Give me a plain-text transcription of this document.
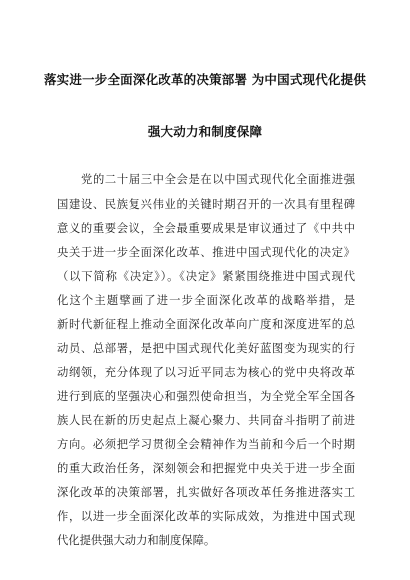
落实进一步全面深化改革的决策部署 为中国式现代化提供
强大动力和制度保障
党的二十届三中全会是在以中国式现代化全面推进强
国建设、民族复兴伟业的关键时期召开的一次具有里程碑
意义的重要会议，全会最重要成果是审议通过了《中共中
央关于进一步全面深化改革、推进中国式现代化的决定》
（以下简称《决定》）。《决定》紧紧围绕推进中国式现代
化这个主题擘画了进一步全面深化改革的战略举措，是
新时代新征程上推动全面深化改革向广度和深度进军的总
动员、总部署，是把中国式现代化美好蓝图变为现实的行
动纲领，充分体现了以习近平同志为核心的党中央将改革
进行到底的坚强决心和强烈使命担当，为全党全军全国各
族人民在新的历史起点上凝心聚力、共同奋斗指明了前进
方向。必须把学习贯彻全会精神作为当前和今后一个时期
的重大政治任务，深刻领会和把握党中央关于进一步全面
深化改革的决策部署，扎实做好各项改革任务推进落实工
作，以进一步全面深化改革的实际成效，为推进中国式现
代化提供强大动力和制度保障。
